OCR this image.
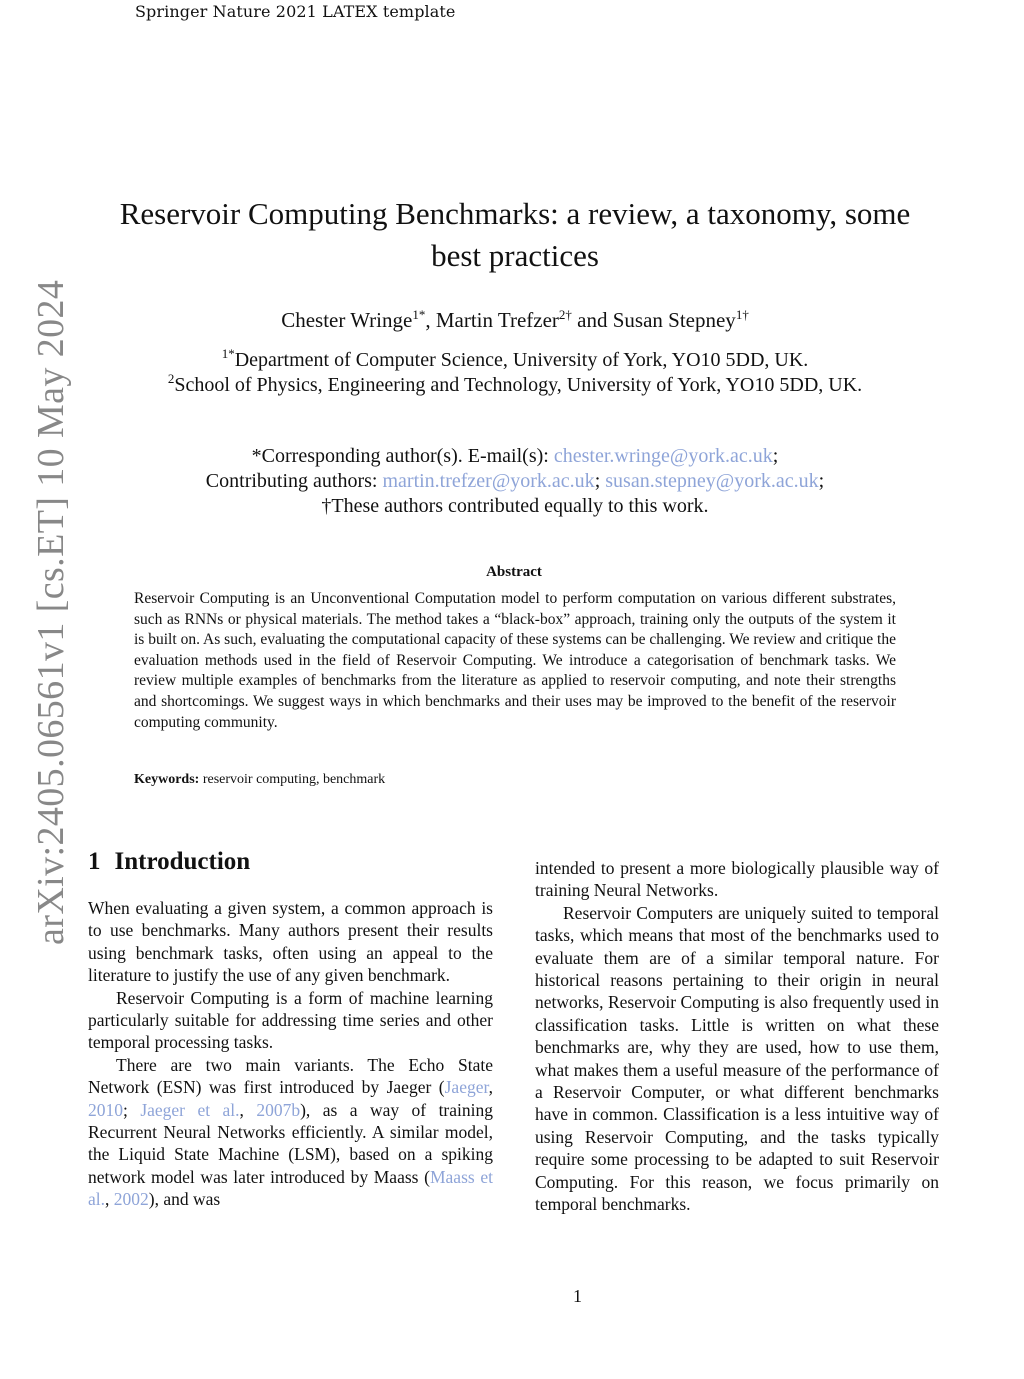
Springer Nature 2021 LATEX template
arXiv:2405.06561v1 [cs.ET] 10 May 2024
Reservoir Computing Benchmarks: a review, a taxonomy, some best practices
Chester Wringe$^{1*}$, Martin Trefzer$^{2\dagger}$ and Susan Stepney$^{1\dagger}$
$^{1*}$Department of Computer Science, University of York, YO10 5DD, UK.
$^2$School of Physics, Engineering and Technology, University of York, YO10 5DD, UK.
*Corresponding author(s). E-mail(s): chester.wringe@york.ac.uk;
Contributing authors: martin.trefzer@york.ac.uk; susan.stepney@york.ac.uk;
†These authors contributed equally to this work.
Abstract
Reservoir Computing is an Unconventional Computation model to perform computation on various different substrates, such as RNNs or physical materials. The method takes a “black-box” approach, training only the outputs of the system it is built on. As such, evaluating the computational capacity of these systems can be challenging. We review and critique the evaluation methods used in the field of Reservoir Computing. We introduce a categorisation of benchmark tasks. We review multiple examples of benchmarks from the literature as applied to reservoir computing, and note their strengths and shortcomings. We suggest ways in which benchmarks and their uses may be improved to the benefit of the reservoir computing community.
Keywords: reservoir computing, benchmark
1 Introduction

When evaluating a given system, a common approach is to use benchmarks. Many authors present their results using benchmark tasks, often using an appeal to the literature to justify the use of any given benchmark.

Reservoir Computing is a form of machine learning particularly suitable for addressing time series and other temporal processing tasks.

There are two main variants. The Echo State Network (ESN) was first introduced by Jaeger (Jaeger, 2010; Jaeger et al., 2007b), as a way of training Recurrent Neural Networks efficiently. A similar model, the Liquid State Machine (LSM), based on a spiking network model was later introduced by Maass (Maass et al., 2002), and was

intended to present a more biologically plausible way of training Neural Networks.

Reservoir Computers are uniquely suited to temporal tasks, which means that most of the benchmarks used to evaluate them are of a similar temporal nature. For historical reasons pertaining to their origin in neural networks, Reservoir Computing is also frequently used in classification tasks. Little is written on what these benchmarks are, why they are used, how to use them, what makes them a useful measure of the performance of a Reservoir Computer, or what different benchmarks have in common. Classification is a less intuitive way of using Reservoir Computing, and the tasks typically require some processing to be adapted to suit Reservoir Computing. For this reason, we focus primarily on temporal benchmarks.

1
